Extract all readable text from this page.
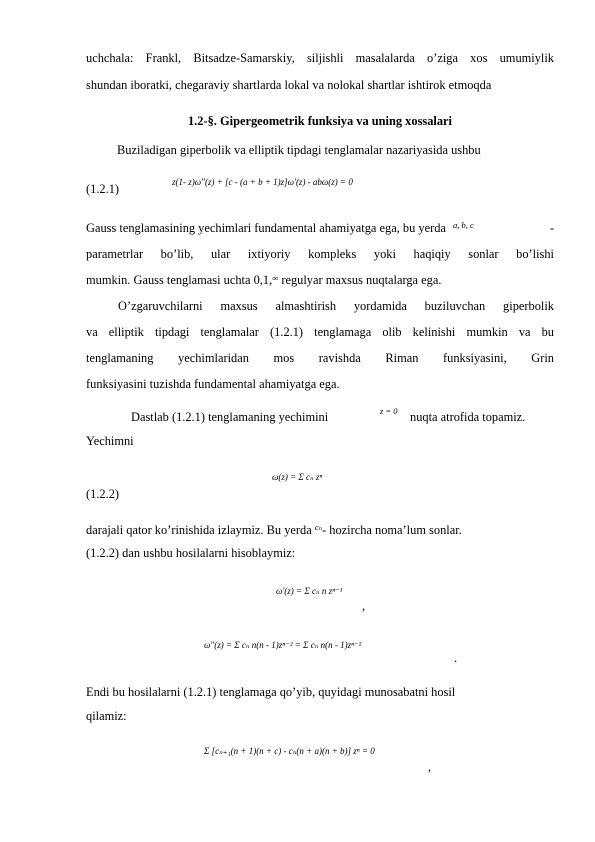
uchchala: Frankl, Bitsadze-Samarskiy, siljishli masalalarda o’ziga xos umumiylik
shundan iboratki, chegaraviy shartlarda lokal va nolokal shartlar ishtirok etmoqda
1.2-§. Gipergeometrik funksiya va uning xossalari
Buziladigan giperbolik va elliptik tipdagi tenglamalar nazariyasida ushbu
z(1- z)ω''(z) + [c - (a + b + 1)z]ω'(z) - abω(z) = 0
(1.2.1)
Gauss tenglamasining yechimlari fundamental ahamiyatga ega, bu yerda $^{a, b, c}$	-
parametrlar bo’lib, ular ixtiyoriy kompleks yoki haqiqiy sonlar bo’lishi
mumkin. Gauss tenglamasi uchta 0,1,∞ regulyar maxsus nuqtalarga ega.
O’zgaruvchilarni maxsus almashtirish yordamida buziluvchan giperbolik
va elliptik tipdagi tenglamalar (1.2.1) tenglamaga olib kelinishi mumkin va bu
tenglamaning yechimlaridan mos ravishda Riman funksiyasini, Grin
funksiyasini tuzishda fundamental ahamiyatga ega.
Dastlab (1.2.1) tenglamaning yechimini	z = 0 nuqta atrofida topamiz.
Yechimni
ω(z) = Σ cₙ zⁿ
(1.2.2)
darajali qator ko’rinishida izlaymiz. Bu yerda $^{c_n}$- hozircha noma’lum sonlar.
(1.2.2) dan ushbu hosilalarni hisoblaymiz:
ω'(z) = Σ cₙ n zⁿ⁻¹
,
ω''(z) = Σ cₙ n(n - 1)zⁿ⁻² = Σ cₙ n(n - 1)zⁿ⁻²
.
Endi bu hosilalarni (1.2.1) tenglamaga qo’yib, quyidagi munosabatni hosil
qilamiz:
Σ [cₙ₊₁(n + 1)(n + c) - cₙ(n + a)(n + b)] zⁿ = 0
,
